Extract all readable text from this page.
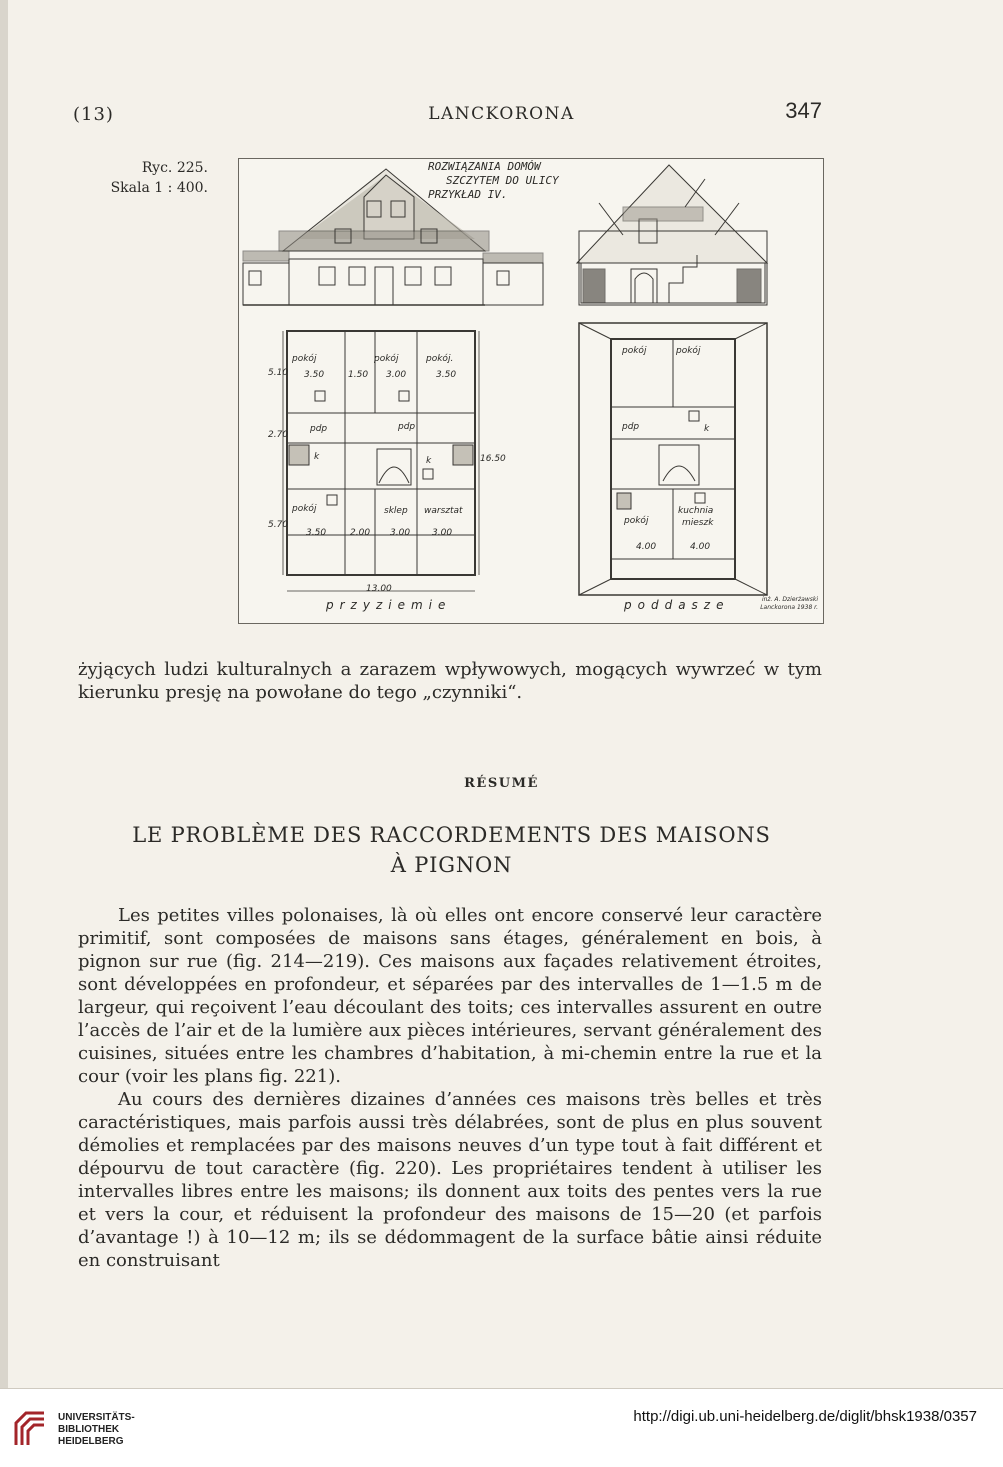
(13)	LANCKORONA	347
Ryc. 225.
Skala 1 : 400.
ROZWIĄZANIA DOMÓW
SZCZYTEM DO ULICY
PRZYKŁAD IV.
pokój	pokój	pokój.
3.50	1.50 3.00	3.50
pdp	pdp
k	k
pokój	sklep warsztat
3.50	2.00 3.00 3.00
13.00
16.50
5.10
2.70
5.70
pokój	pokój
pdp	k
pokój
kuchnia
mieszk
4.00	4.00
przyziemie	poddasze	inż. A. Dzierżawski
Lanckorona 1938 r.

żyjących ludzi kulturalnych a zarazem wpływowych, mogących wywrzeć w tym kierunku presję na powołane do tego „czynniki“.

RÉSUMÉ
LE PROBLÈME DES RACCORDEMENTS DES MAISONS
À PIGNON

Les petites villes polonaises, là où elles ont encore conservé leur caractère primitif, sont composées de maisons sans étages, généralement en bois, à pignon sur rue (fig. 214—219). Ces maisons aux façades relativement étroites, sont développées en profondeur, et séparées par des intervalles de 1—1.5 m de largeur, qui reçoivent l’eau découlant des toits; ces intervalles assurent en outre l’accès de l’air et de la lumière aux pièces intérieures, servant généralement des cuisines, situées entre les chambres d’habitation, à mi-chemin entre la rue et la cour (voir les plans fig. 221).

Au cours des dernières dizaines d’années ces maisons très belles et très caractéristiques, mais parfois aussi très délabrées, sont de plus en plus souvent démolies et remplacées par des maisons neuves d’un type tout à fait différent et dépourvu de tout caractère (fig. 220). Les propriétaires tendent à utiliser les intervalles libres entre les maisons; ils donnent aux toits des pentes vers la rue et vers la cour, et réduisent la profondeur des maisons de 15—20 (et parfois d’avantage !) à 10—12 m; ils se dédommagent de la surface bâtie ainsi réduite en construisant

UNIVERSITÄTS-
BIBLIOTHEK
HEIDELBERG
http://digi.ub.uni-heidelberg.de/diglit/bhsk1938/0357
